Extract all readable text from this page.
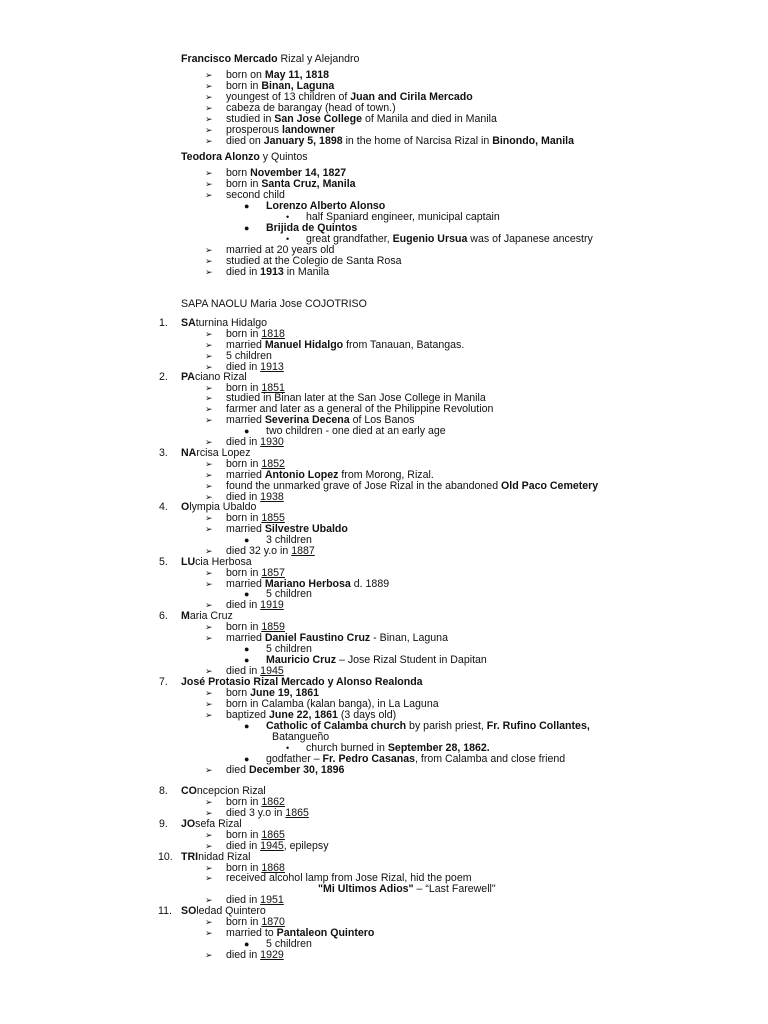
Francisco Mercado Rizal y Alejandro
➢ born on May 11, 1818
➢ born in Binan, Laguna
➢ youngest of 13 children of Juan and Cirila Mercado
➢ cabeza de barangay (head of town.)
➢ studied in San Jose College of Manila and died in Manila
➢ prosperous landowner
➢ died on January 5, 1898 in the home of Narcisa Rizal in Binondo, Manila
Teodora Alonzo y Quintos
➢ born November 14, 1827
➢ born in Santa Cruz, Manila
➢ second child
● Lorenzo Alberto Alonso
• half Spaniard engineer, municipal captain
● Brijida de Quintos
• great grandfather, Eugenio Ursua was of Japanese ancestry
➢ married at 20 years old
➢ studied at the Colegio de Santa Rosa
➢ died in 1913 in Manila
SAPA NAOLU Maria Jose COJOTRISO
1. SAturnina Hidalgo
➢ born in 1818
➢ married Manuel Hidalgo from Tanauan, Batangas.
➢ 5 children
➢ died in 1913
2. PAciano Rizal
➢ born in 1851
➢ studied in Binan later at the San Jose College in Manila
➢ farmer and later as a general of the Philippine Revolution
➢ married Severina Decena of Los Banos
● two children - one died at an early age
➢ died in 1930
3. NArcisa Lopez
➢ born in 1852
➢ married Antonio Lopez from Morong, Rizal.
➢ found the unmarked grave of Jose Rizal in the abandoned Old Paco Cemetery
➢ died in 1938
4. Olympia Ubaldo
➢ born in 1855
➢ married Silvestre Ubaldo
● 3 children
➢ died 32 y.o in 1887
5. LUcia Herbosa
➢ born in 1857
➢ married Mariano Herbosa d. 1889
● 5 children
➢ died in 1919
6. Maria Cruz
➢ born in 1859
➢ married Daniel Faustino Cruz - Binan, Laguna
● 5 children
● Mauricio Cruz – Jose Rizal Student in Dapitan
➢ died in 1945
7. José Protasio Rizal Mercado y Alonso Realonda
➢ born June 19, 1861
➢ born in Calamba (kalan banga), in La Laguna
➢ baptized June 22, 1861 (3 days old)
● Catholic of Calamba church by parish priest, Fr. Rufino Collantes,
Batangueño
• church burned in September 28, 1862.
● godfather – Fr. Pedro Casanas, from Calamba and close friend
➢ died December 30, 1896
8. COncepcion Rizal
➢ born in 1862
➢ died 3 y.o in 1865
9. JOsefa Rizal
➢ born in 1865
➢ died in 1945, epilepsy
10. TRInidad Rizal
➢ born in 1868
➢ received alcohol lamp from Jose Rizal, hid the poem
"Mi Ultimos Adios" – “Last Farewell"
➢ died in 1951
11. SOledad Quintero
➢ born in 1870
➢ married to Pantaleon Quintero
● 5 children
➢ died in 1929
